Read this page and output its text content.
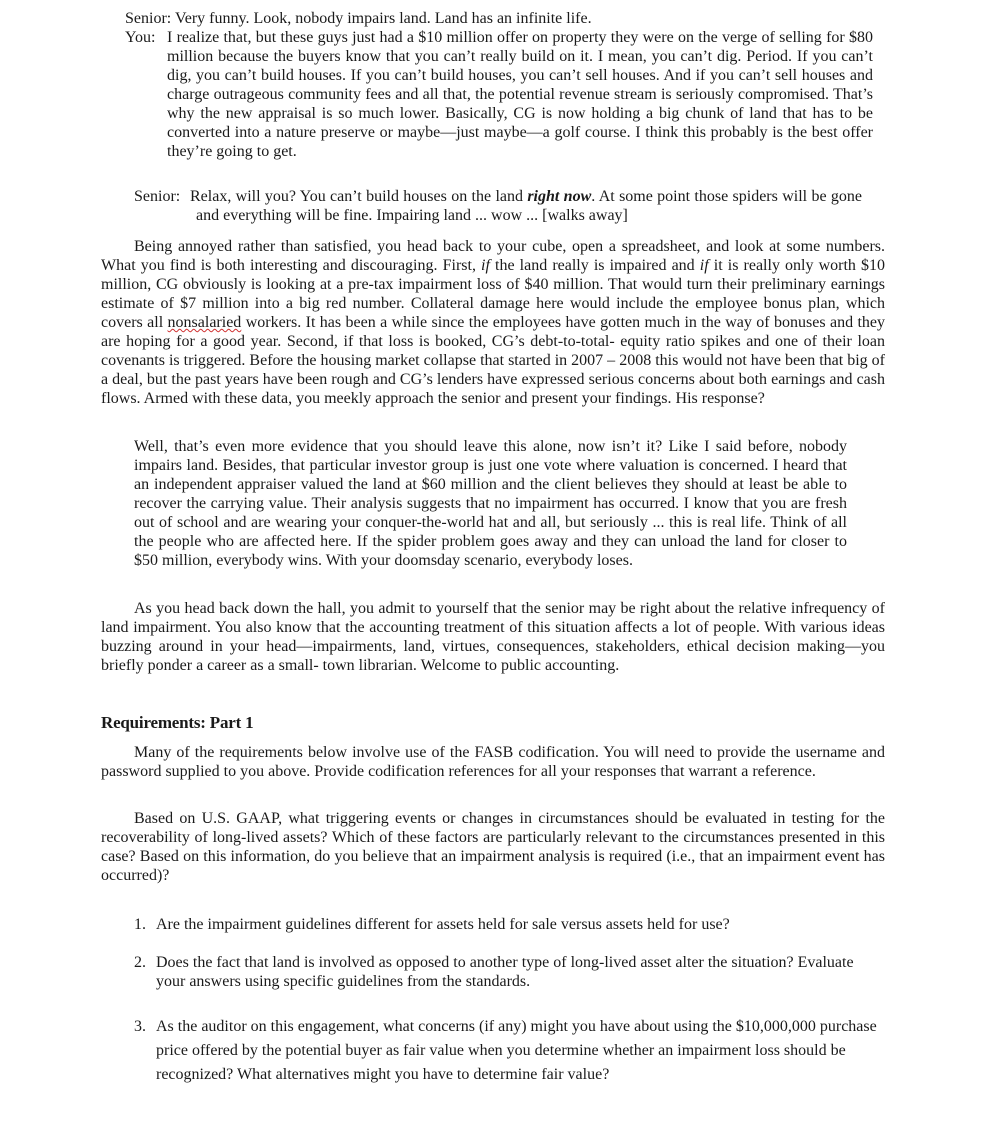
Senior: Very funny. Look, nobody impairs land. Land has an infinite life.
You: I realize that, but these guys just had a $10 million offer on property they were on the verge of selling for $80 million because the buyers know that you can’t really build on it. I mean, you can’t dig. Period. If you can’t dig, you can’t build houses. If you can’t build houses, you can’t sell houses. And if you can’t sell houses and charge outrageous community fees and all that, the potential revenue stream is seriously compromised. That’s why the new appraisal is so much lower. Basically, CG is now holding a big chunk of land that has to be converted into a nature preserve or maybe—just maybe—a golf course. I think this probably is the best offer they’re going to get.
Senior: Relax, will you? You can’t build houses on the land right now. At some point those spiders will be gone and everything will be fine. Impairing land ... wow ... [walks away]

Being annoyed rather than satisfied, you head back to your cube, open a spreadsheet, and look at some numbers. What you find is both interesting and discouraging. First, if the land really is impaired and if it is really only worth $10 million, CG obviously is looking at a pre-tax impairment loss of $40 million. That would turn their preliminary earnings estimate of $7 million into a big red number. Collateral damage here would include the employee bonus plan, which covers all nonsalaried workers. It has been a while since the employees have gotten much in the way of bonuses and they are hoping for a good year. Second, if that loss is booked, CG’s debt-to-total- equity ratio spikes and one of their loan covenants is triggered. Before the housing market collapse that started in 2007 – 2008 this would not have been that big of a deal, but the past years have been rough and CG’s lenders have expressed serious concerns about both earnings and cash flows. Armed with these data, you meekly approach the senior and present your findings. His response?

Well, that’s even more evidence that you should leave this alone, now isn’t it? Like I said before, nobody impairs land. Besides, that particular investor group is just one vote where valuation is concerned. I heard that an independent appraiser valued the land at $60 million and the client believes they should at least be able to recover the carrying value. Their analysis suggests that no impairment has occurred. I know that you are fresh out of school and are wearing your conquer-the-world hat and all, but seriously ... this is real life. Think of all the people who are affected here. If the spider problem goes away and they can unload the land for closer to $50 million, everybody wins. With your doomsday scenario, everybody loses.

As you head back down the hall, you admit to yourself that the senior may be right about the relative infrequency of land impairment. You also know that the accounting treatment of this situation affects a lot of people. With various ideas buzzing around in your head—impairments, land, virtues, consequences, stakeholders, ethical decision making—you briefly ponder a career as a small- town librarian. Welcome to public accounting.

Requirements: Part 1

Many of the requirements below involve use of the FASB codification. You will need to provide the username and password supplied to you above. Provide codification references for all your responses that warrant a reference.

Based on U.S. GAAP, what triggering events or changes in circumstances should be evaluated in testing for the recoverability of long-lived assets? Which of these factors are particularly relevant to the circumstances presented in this case? Based on this information, do you believe that an impairment analysis is required (i.e., that an impairment event has occurred)?

1. Are the impairment guidelines different for assets held for sale versus assets held for use?
2. Does the fact that land is involved as opposed to another type of long-lived asset alter the situation? Evaluate your answers using specific guidelines from the standards.
3. As the auditor on this engagement, what concerns (if any) might you have about using the $10,000,000 purchase price offered by the potential buyer as fair value when you determine whether an impairment loss should be recognized? What alternatives might you have to determine fair value?
